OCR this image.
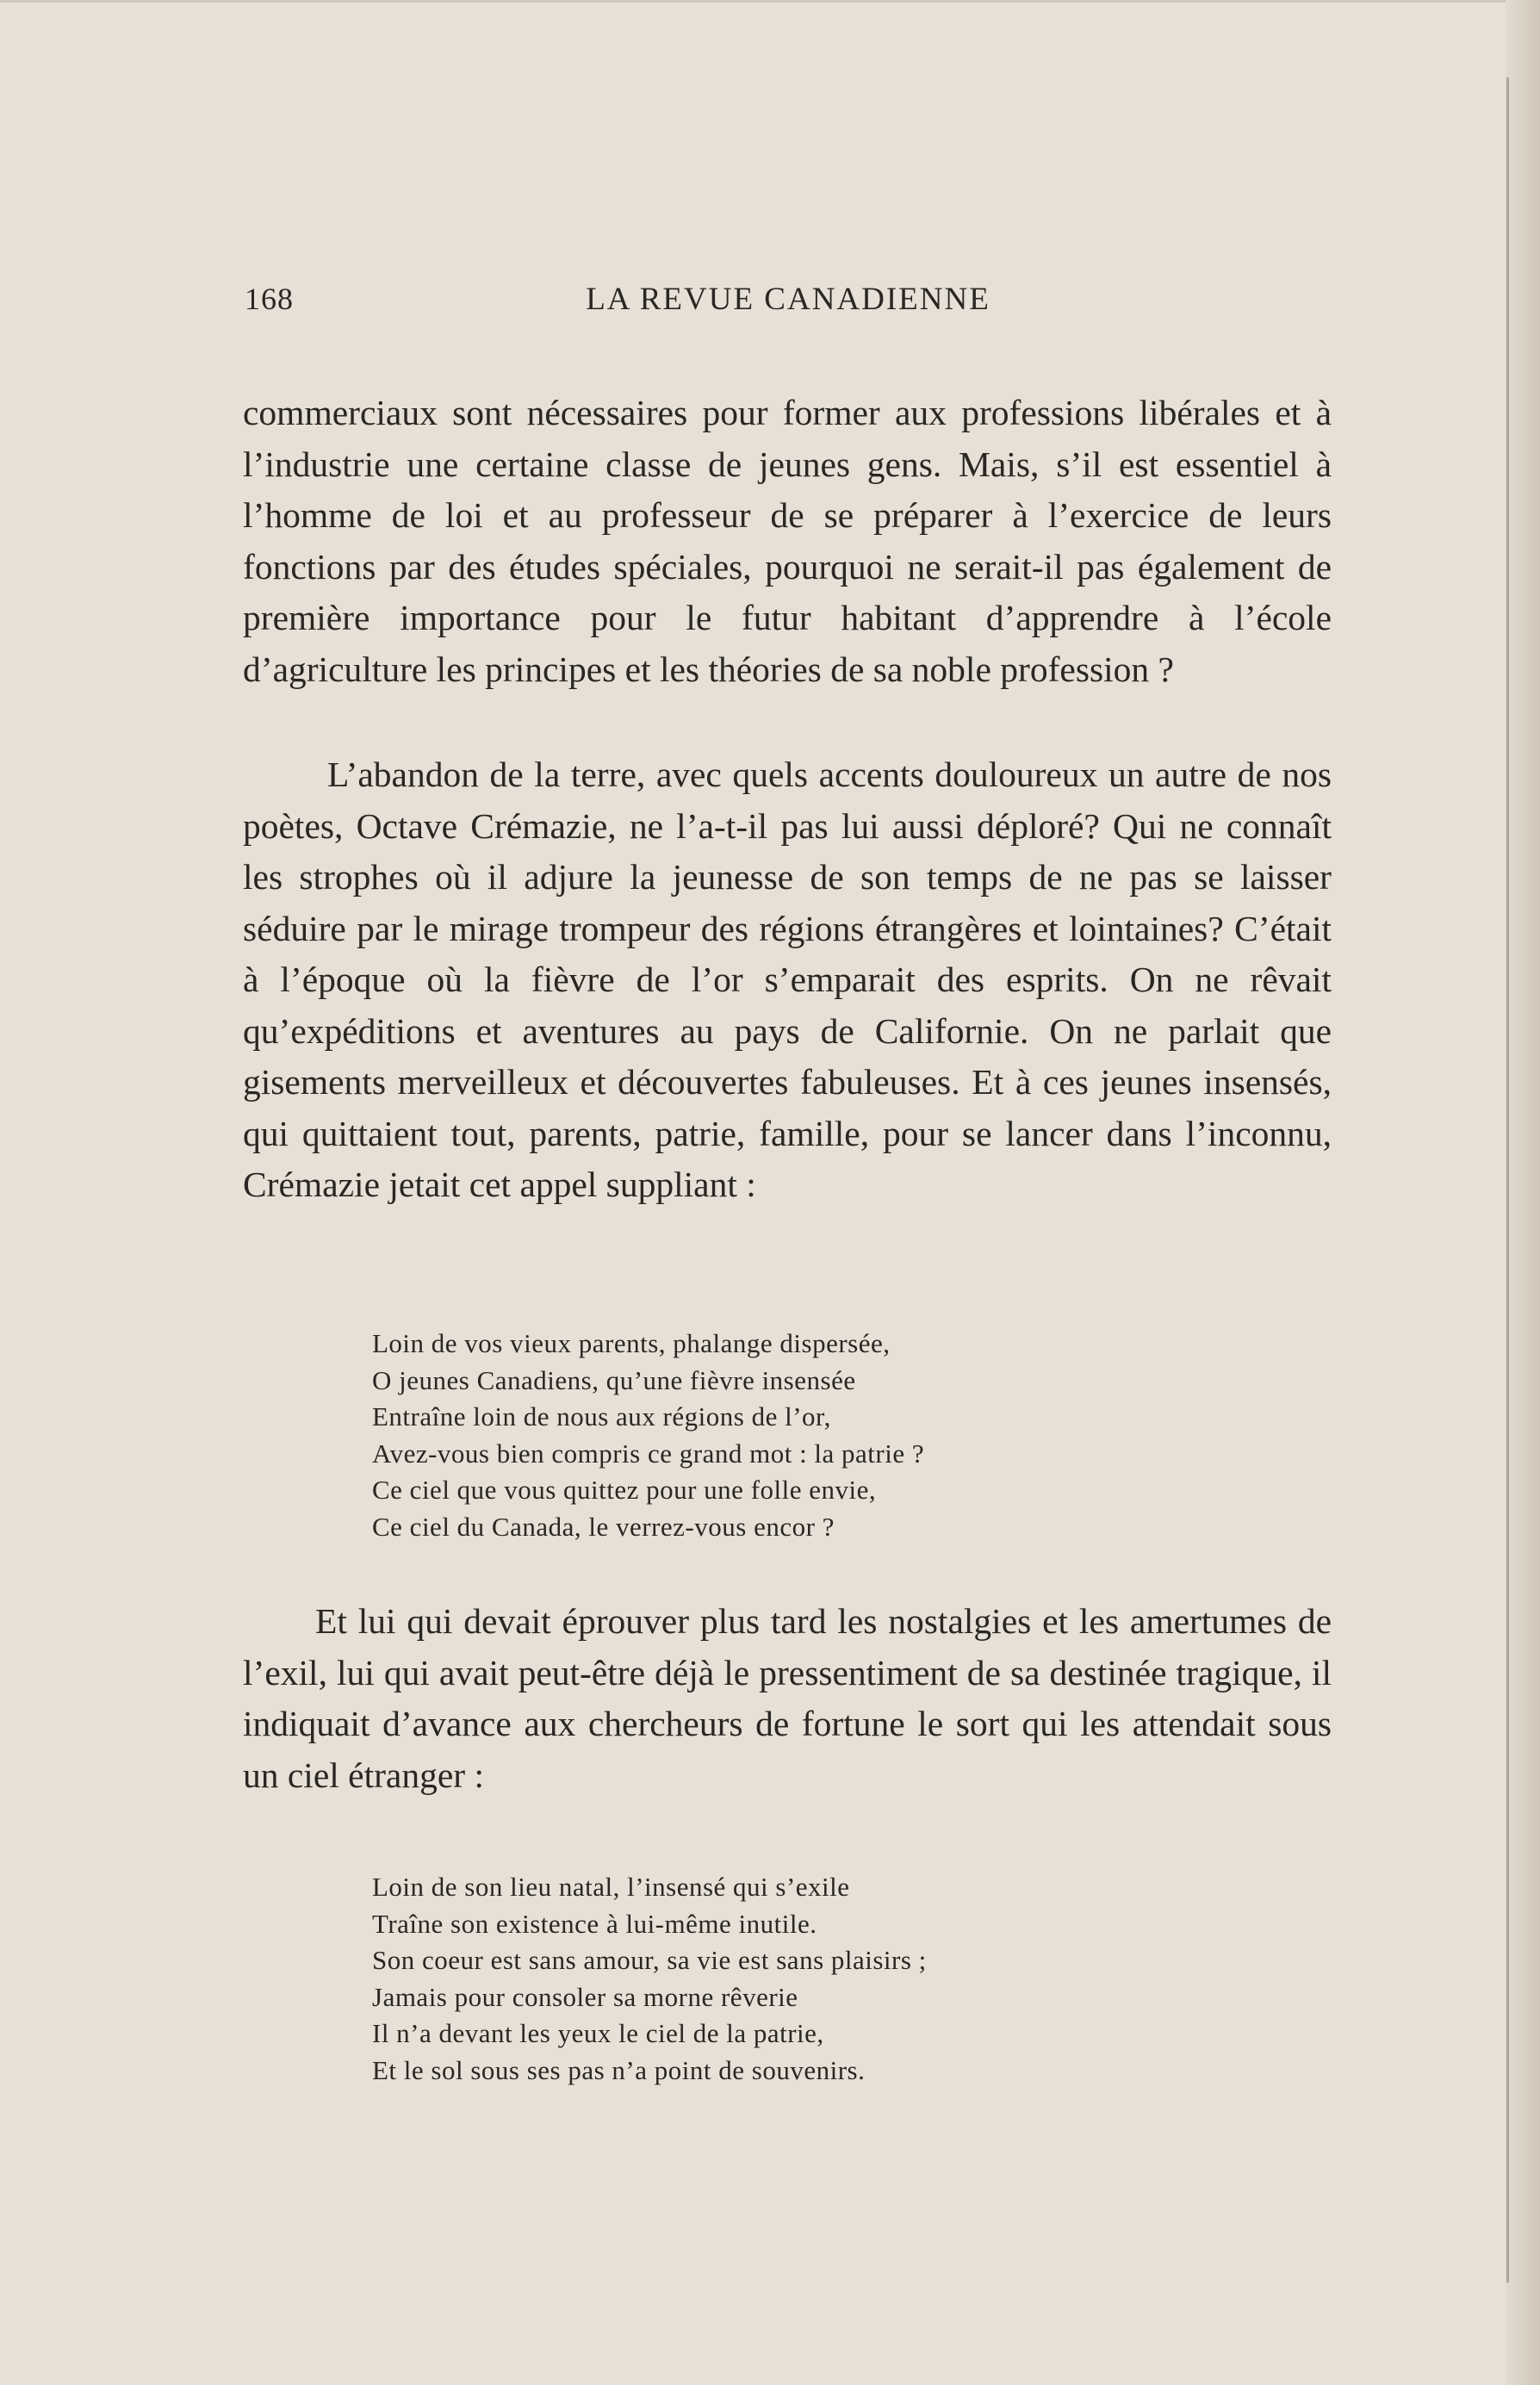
168	LA REVUE CANADIENNE

commerciaux sont nécessaires pour former aux professions libérales et à l’industrie une certaine classe de jeunes gens. Mais, s’il est essentiel à l’homme de loi et au professeur de se préparer à l’exercice de leurs fonctions par des études spéciales, pourquoi ne serait-il pas également de première importance pour le futur habitant d’apprendre à l’école d’agriculture les principes et les théories de sa noble profession ?

L’abandon de la terre, avec quels accents douloureux un autre de nos poètes, Octave Crémazie, ne l’a-t-il pas lui aussi déploré? Qui ne connaît les strophes où il adjure la jeunesse de son temps de ne pas se laisser séduire par le mirage trompeur des régions étrangères et lointaines? C’était à l’époque où la fièvre de l’or s’emparait des esprits. On ne rêvait qu’expéditions et aventures au pays de Californie. On ne parlait que gisements merveilleux et découvertes fabuleuses. Et à ces jeunes insensés, qui quittaient tout, parents, patrie, famille, pour se lancer dans l’inconnu, Crémazie jetait cet appel suppliant :

Loin de vos vieux parents, phalange dispersée,
O jeunes Canadiens, qu’une fièvre insensée
Entraîne loin de nous aux régions de l’or,
Avez-vous bien compris ce grand mot : la patrie ?
Ce ciel que vous quittez pour une folle envie,
Ce ciel du Canada, le verrez-vous encor ?

Et lui qui devait éprouver plus tard les nostalgies et les amertumes de l’exil, lui qui avait peut-être déjà le pressentiment de sa destinée tragique, il indiquait d’avance aux chercheurs de fortune le sort qui les attendait sous un ciel étranger :

Loin de son lieu natal, l’insensé qui s’exile
Traîne son existence à lui-même inutile.
Son coeur est sans amour, sa vie est sans plaisirs ;
Jamais pour consoler sa morne rêverie
Il n’a devant les yeux le ciel de la patrie,
Et le sol sous ses pas n’a point de souvenirs.
